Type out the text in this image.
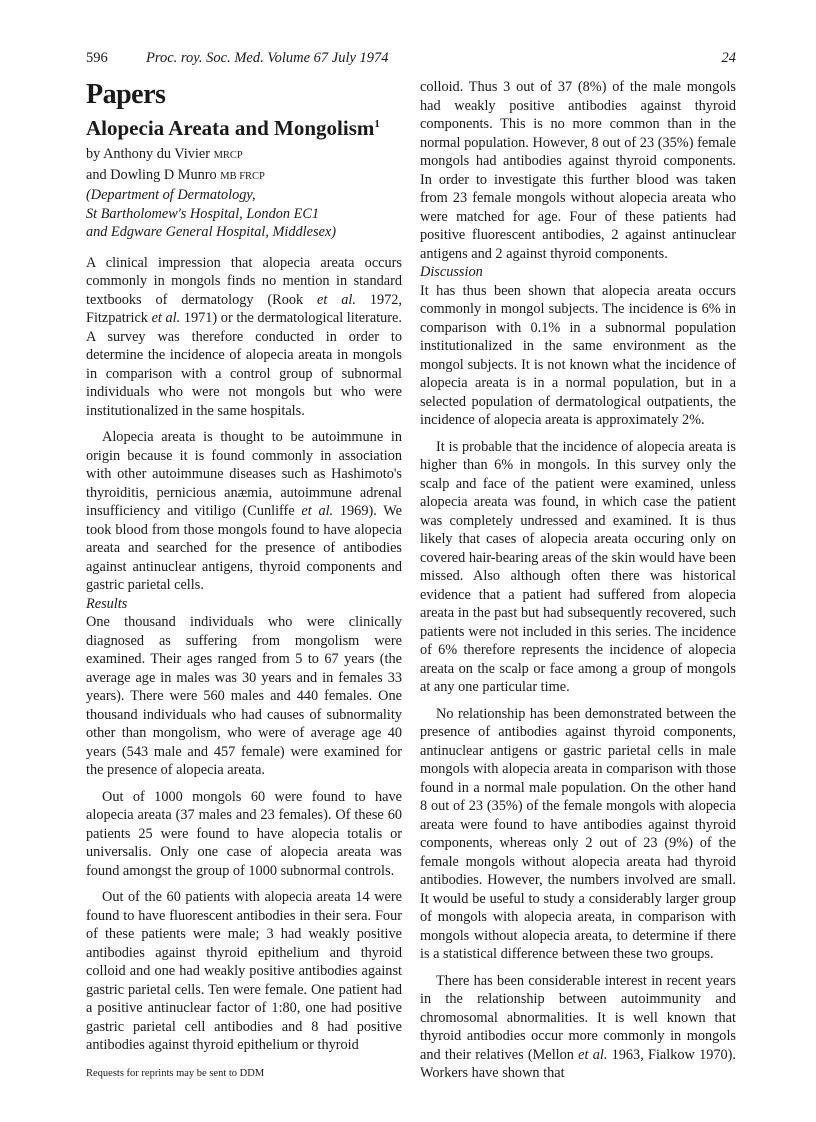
596	Proc. roy. Soc. Med. Volume 67 July 1974	24
Papers
Alopecia Areata and Mongolism$^1$
by Anthony du Vivier MRCP
and Dowling D Munro MB FRCP
(Department of Dermatology,
St Bartholomew's Hospital, London EC1
and Edgware General Hospital, Middlesex)

A clinical impression that alopecia areata occurs commonly in mongols finds no mention in standard textbooks of dermatology (Rook et al. 1972, Fitzpatrick et al. 1971) or the dermatological literature. A survey was therefore conducted in order to determine the incidence of alopecia areata in mongols in comparison with a control group of subnormal individuals who were not mongols but who were institutionalized in the same hospitals.

Alopecia areata is thought to be autoimmune in origin because it is found commonly in association with other autoimmune diseases such as Hashimoto's thyroiditis, pernicious anæmia, autoimmune adrenal insufficiency and vitiligo (Cunliffe et al. 1969). We took blood from those mongols found to have alopecia areata and searched for the presence of antibodies against antinuclear antigens, thyroid components and gastric parietal cells.

Results

One thousand individuals who were clinically diagnosed as suffering from mongolism were examined. Their ages ranged from 5 to 67 years (the average age in males was 30 years and in females 33 years). There were 560 males and 440 females. One thousand individuals who had causes of subnormality other than mongolism, who were of average age 40 years (543 male and 457 female) were examined for the presence of alopecia areata.

Out of 1000 mongols 60 were found to have alopecia areata (37 males and 23 females). Of these 60 patients 25 were found to have alopecia totalis or universalis. Only one case of alopecia areata was found amongst the group of 1000 subnormal controls.

Out of the 60 patients with alopecia areata 14 were found to have fluorescent antibodies in their sera. Four of these patients were male; 3 had weakly positive antibodies against thyroid epithelium and thyroid colloid and one had weakly positive antibodies against gastric parietal cells. Ten were female. One patient had a positive antinuclear factor of 1:80, one had positive gastric parietal cell antibodies and 8 had positive antibodies against thyroid epithelium or thyroid

colloid. Thus 3 out of 37 (8%) of the male mongols had weakly positive antibodies against thyroid components. This is no more common than in the normal population. However, 8 out of 23 (35%) female mongols had antibodies against thyroid components. In order to investigate this further blood was taken from 23 female mongols without alopecia areata who were matched for age. Four of these patients had positive fluorescent antibodies, 2 against antinuclear antigens and 2 against thyroid components.

Discussion

It has thus been shown that alopecia areata occurs commonly in mongol subjects. The incidence is 6% in comparison with 0.1% in a subnormal population institutionalized in the same environment as the mongol subjects. It is not known what the incidence of alopecia areata is in a normal population, but in a selected population of dermatological outpatients, the incidence of alopecia areata is approximately 2%.

It is probable that the incidence of alopecia areata is higher than 6% in mongols. In this survey only the scalp and face of the patient were examined, unless alopecia areata was found, in which case the patient was completely undressed and examined. It is thus likely that cases of alopecia areata occuring only on covered hair-bearing areas of the skin would have been missed. Also although often there was historical evidence that a patient had suffered from alopecia areata in the past but had subsequently recovered, such patients were not included in this series. The incidence of 6% therefore represents the incidence of alopecia areata on the scalp or face among a group of mongols at any one particular time.

No relationship has been demonstrated between the presence of antibodies against thyroid components, antinuclear antigens or gastric parietal cells in male mongols with alopecia areata in comparison with those found in a normal male population. On the other hand 8 out of 23 (35%) of the female mongols with alopecia areata were found to have antibodies against thyroid components, whereas only 2 out of 23 (9%) of the female mongols without alopecia areata had thyroid antibodies. However, the numbers involved are small. It would be useful to study a considerably larger group of mongols with alopecia areata, in comparison with mongols without alopecia areata, to determine if there is a statistical difference between these two groups.

There has been considerable interest in recent years in the relationship between autoimmunity and chromosomal abnormalities. It is well known that thyroid antibodies occur more commonly in mongols and their relatives (Mellon et al. 1963, Fialkow 1970). Workers have shown that

Requests for reprints may be sent to DDM
